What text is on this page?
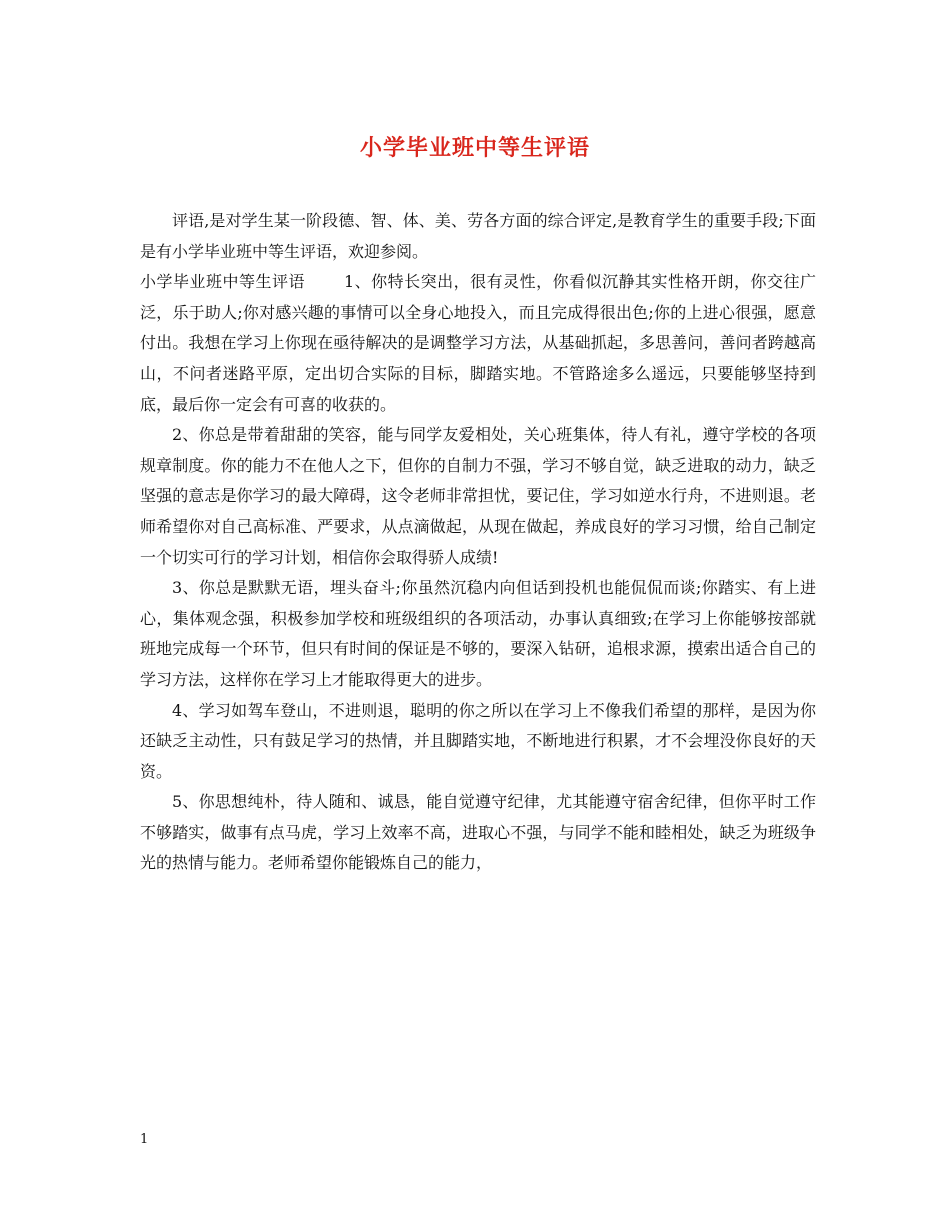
小学毕业班中等生评语

评语,是对学生某一阶段德、智、体、美、劳各方面的综合评定,是教育学生的重要手段;下面是有小学毕业班中等生评语，欢迎参阅。

小学毕业班中等生评语 1、你特长突出，很有灵性，你看似沉静其实性格开朗，你交往广泛，乐于助人;你对感兴趣的事情可以全身心地投入，而且完成得很出色;你的上进心很强，愿意付出。我想在学习上你现在亟待解决的是调整学习方法，从基础抓起，多思善问，善问者跨越高山，不问者迷路平原，定出切合实际的目标，脚踏实地。不管路途多么遥远，只要能够坚持到底，最后你一定会有可喜的收获的。

2、你总是带着甜甜的笑容，能与同学友爱相处，关心班集体，待人有礼，遵守学校的各项规章制度。你的能力不在他人之下，但你的自制力不强，学习不够自觉，缺乏进取的动力，缺乏坚强的意志是你学习的最大障碍，这令老师非常担忧，要记住，学习如逆水行舟，不进则退。老师希望你对自己高标准、严要求，从点滴做起，从现在做起，养成良好的学习习惯，给自己制定一个切实可行的学习计划，相信你会取得骄人成绩!

3、你总是默默无语，埋头奋斗;你虽然沉稳内向但话到投机也能侃侃而谈;你踏实、有上进心，集体观念强，积极参加学校和班级组织的各项活动，办事认真细致;在学习上你能够按部就班地完成每一个环节，但只有时间的保证是不够的，要深入钻研，追根求源，摸索出适合自己的学习方法，这样你在学习上才能取得更大的进步。

4、学习如驾车登山，不进则退，聪明的你之所以在学习上不像我们希望的那样，是因为你还缺乏主动性，只有鼓足学习的热情，并且脚踏实地，不断地进行积累，才不会埋没你良好的天资。

5、你思想纯朴，待人随和、诚恳，能自觉遵守纪律，尤其能遵守宿舍纪律，但你平时工作不够踏实，做事有点马虎，学习上效率不高，进取心不强，与同学不能和睦相处，缺乏为班级争光的热情与能力。老师希望你能锻炼自己的能力，

1
